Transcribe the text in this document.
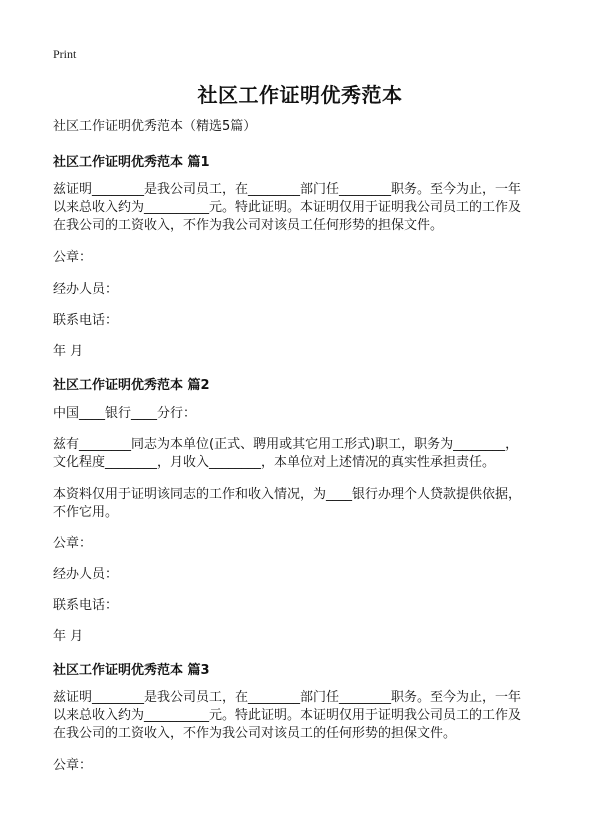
Print
社区工作证明优秀范本
社区工作证明优秀范本（精选5篇）
社区工作证明优秀范本 篇1
兹证明________是我公司员工，在________部门任________职务。至今为止，一年
以来总收入约为__________元。特此证明。本证明仅用于证明我公司员工的工作及
在我公司的工资收入，不作为我公司对该员工任何形势的担保文件。
公章：
经办人员：
联系电话：
年 月
社区工作证明优秀范本 篇2
中国____银行____分行：
兹有________同志为本单位(正式、聘用或其它用工形式)职工，职务为________，
文化程度________，月收入________，本单位对上述情况的真实性承担责任。
本资料仅用于证明该同志的工作和收入情况，为____银行办理个人贷款提供依据，
不作它用。
公章：
经办人员：
联系电话：
年 月
社区工作证明优秀范本 篇3
兹证明________是我公司员工，在________部门任________职务。至今为止，一年
以来总收入约为__________元。特此证明。本证明仅用于证明我公司员工的工作及
在我公司的工资收入，不作为我公司对该员工的任何形势的担保文件。
公章：
